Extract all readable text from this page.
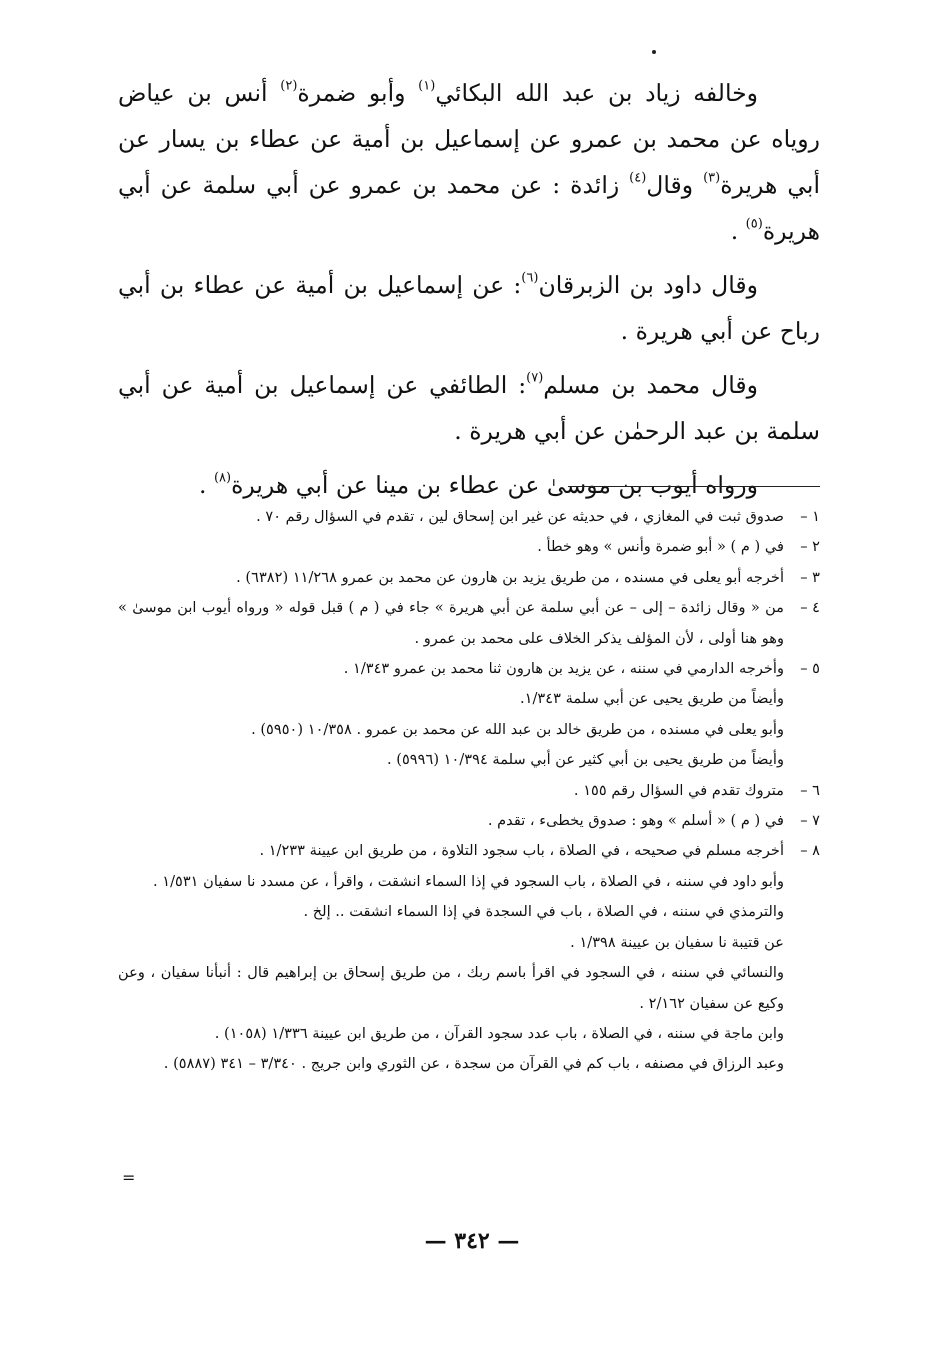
وخالفه زياد بن عبد الله البكائي$^{(١)}$ وأبو ضمرة$^{(٢)}$ أنس بن عياض روياه عن محمد بن عمرو عن إسماعيل بن أمية عن عطاء بن يسار عن أبي هريرة$^{(٣)}$ وقال$^{(٤)}$ زائدة : عن محمد بن عمرو عن أبي سلمة عن أبي هريرة$^{(٥)}$ .

وقال داود بن الزبرقان$^{(٦)}$: عن إسماعيل بن أمية عن عطاء بن أبي رباح عن أبي هريرة .

وقال محمد بن مسلم$^{(٧)}$: الطائفي عن إسماعيل بن أمية عن أبي سلمة بن عبد الرحمٰن عن أبي هريرة .

ورواه أيوب بن موسىٰ عن عطاء بن مينا عن أبي هريرة$^{(٨)}$ .

١ –
صدوق ثبت في المغازي ، في حديثه عن غير ابن إسحاق لين ، تقدم في السؤال رقم ٧٠ .
٢ –
في ( م ) « أبو ضمرة وأنس » وهو خطأ .
٣ –
أخرجه أبو يعلى في مسنده ، من طريق يزيد بن هارون عن محمد بن عمرو ١١/٢٦٨ (٦٣٨٢) .
٤ –
من « وقال زائدة – إلى – عن أبي سلمة عن أبي هريرة » جاء في ( م ) قبل قوله « ورواه أيوب ابن موسىٰ » وهو هنا أولى ، لأن المؤلف يذكر الخلاف على محمد بن عمرو .
٥ –
وأخرجه الدارمي في سننه ، عن يزيد بن هارون ثنا محمد بن عمرو ١/٣٤٣ .
وأيضاً من طريق يحيى عن أبي سلمة ١/٣٤٣.
وأبو يعلى في مسنده ، من طريق خالد بن عبد الله عن محمد بن عمرو . ١٠/٣٥٨ (٥٩٥٠) .
وأيضاً من طريق يحيى بن أبي كثير عن أبي سلمة ١٠/٣٩٤ (٥٩٩٦) .
٦ –
متروك تقدم في السؤال رقم ١٥٥ .
٧ –
في ( م ) « أسلم » وهو : صدوق يخطىء ، تقدم .
٨ –
أخرجه مسلم في صحيحه ، في الصلاة ، باب سجود التلاوة ، من طريق ابن عيينة ١/٢٣٣ .
وأبو داود في سننه ، في الصلاة ، باب السجود في إذا السماء انشقت ، واقرأ ، عن مسدد نا سفيان ١/٥٣١ .
والترمذي في سننه ، في الصلاة ، باب في السجدة في إذا السماء انشقت .. إلخ .
عن قتيبة نا سفيان بن عيينة ١/٣٩٨ .
والنسائي في سننه ، في السجود في اقرأ باسم ربك ، من طريق إسحاق بن إبراهيم قال : أنبأنا سفيان ، وعن وكيع عن سفيان ٢/١٦٢ .
وابن ماجة في سننه ، في الصلاة ، باب عدد سجود القرآن ، من طريق ابن عيينة ١/٣٣٦ (١٠٥٨) .
وعبد الرزاق في مصنفه ، باب كم في القرآن من سجدة ، عن الثوري وابن جريج . ٣/٣٤٠ – ٣٤١ (٥٨٨٧) .
=
— ٣٤٢ —
